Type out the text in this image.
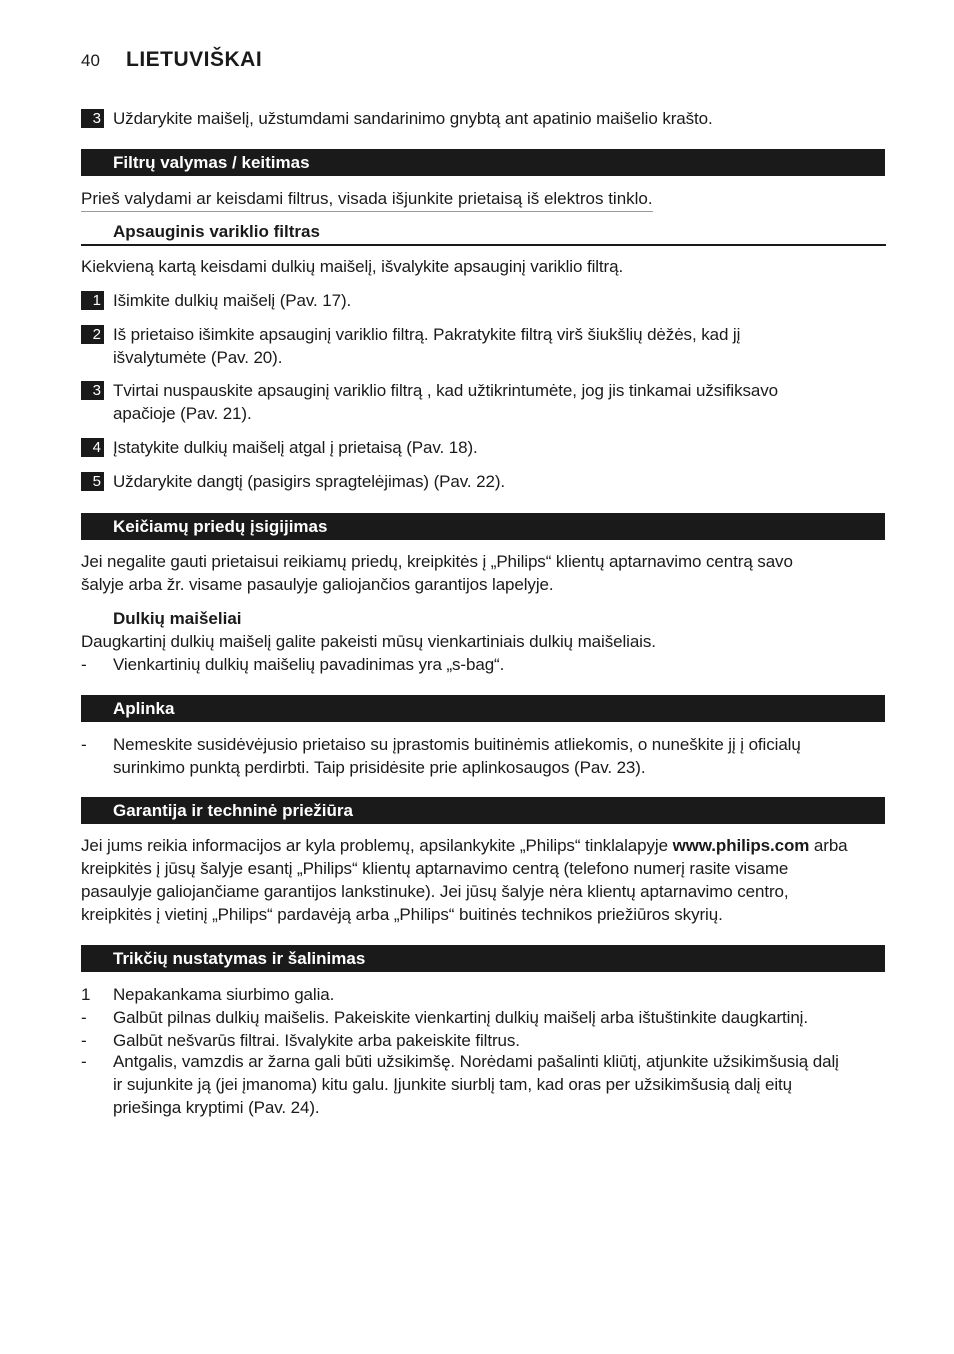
40 LIETUVIŠKAI
3 Uždarykite maišelį, užstumdami sandarinimo gnybtą ant apatinio maišelio krašto.
Filtrų valymas / keitimas
Prieš valydami ar keisdami filtrus, visada išjunkite prietaisą iš elektros tinklo.
Apsauginis variklio filtras
Kiekvieną kartą keisdami dulkių maišelį, išvalykite apsauginį variklio filtrą.
1 Išimkite dulkių maišelį (Pav. 17).
2 Iš prietaiso išimkite apsauginį variklio filtrą. Pakratykite filtrą virš šiukšlių dėžės, kad jį
išvalytumėte (Pav. 20).
3 Tvirtai nuspauskite apsauginį variklio filtrą , kad užtikrintumėte, jog jis tinkamai užsifiksavo
apačioje (Pav. 21).
4 Įstatykite dulkių maišelį atgal į prietaisą (Pav. 18).
5 Uždarykite dangtį (pasigirs spragtelėjimas) (Pav. 22).
Keičiamų priedų įsigijimas
Jei negalite gauti prietaisui reikiamų priedų, kreipkitės į „Philips“ klientų aptarnavimo centrą savo
šalyje arba žr. visame pasaulyje galiojančios garantijos lapelyje.
Dulkių maišeliai
Daugkartinį dulkių maišelį galite pakeisti mūsų vienkartiniais dulkių maišeliais.
- Vienkartinių dulkių maišelių pavadinimas yra „s-bag“.
Aplinka
- Nemeskite susidėvėjusio prietaiso su įprastomis buitinėmis atliekomis, o nuneškite jį į oficialų
surinkimo punktą perdirbti. Taip prisidėsite prie aplinkosaugos (Pav. 23).
Garantija ir techninė priežiūra
Jei jums reikia informacijos ar kyla problemų, apsilankykite „Philips“ tinklalapyje www.philips.com arba
kreipkitės į jūsų šalyje esantį „Philips“ klientų aptarnavimo centrą (telefono numerį rasite visame
pasaulyje galiojančiame garantijos lankstinuke). Jei jūsų šalyje nėra klientų aptarnavimo centro,
kreipkitės į vietinį „Philips“ pardavėją arba „Philips“ buitinės technikos priežiūros skyrių.
Trikčių nustatymas ir šalinimas
1 Nepakankama siurbimo galia.
- Galbūt pilnas dulkių maišelis. Pakeiskite vienkartinį dulkių maišelį arba ištuštinkite daugkartinį.
- Galbūt nešvarūs filtrai. Išvalykite arba pakeiskite filtrus.
- Antgalis, vamzdis ar žarna gali būti užsikimšę. Norėdami pašalinti kliūtį, atjunkite užsikimšusią dalį
ir sujunkite ją (jei įmanoma) kitu galu. Įjunkite siurblį tam, kad oras per užsikimšusią dalį eitų
priešinga kryptimi (Pav. 24).
